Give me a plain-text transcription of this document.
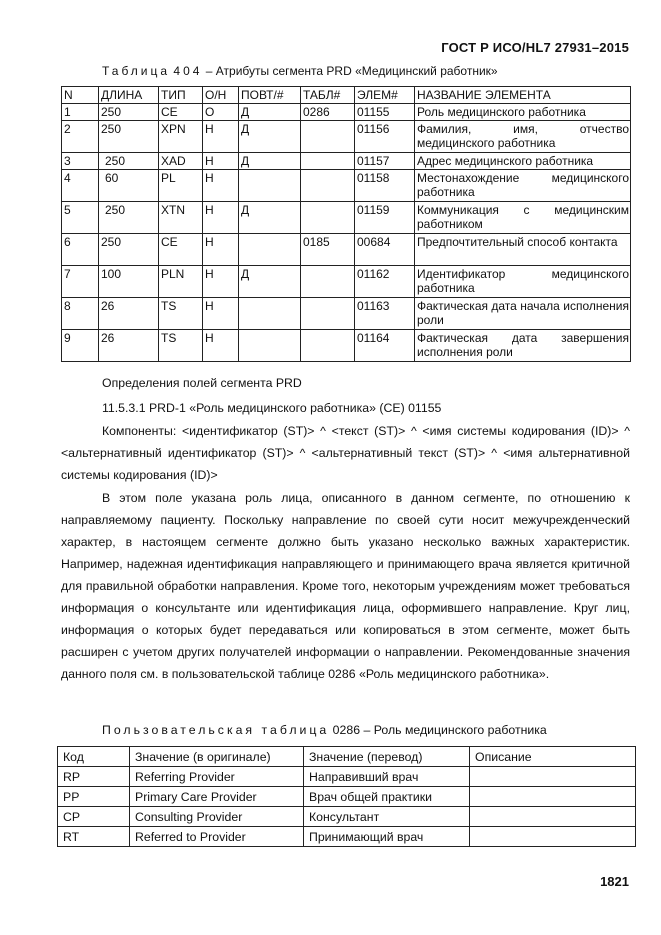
ГОСТ Р ИСО/HL7 27931–2015
Таблица 404 – Атрибуты сегмента PRD «Медицинский работник»
N	ДЛИНА	ТИП	О/Н	ПОВТ/#	ТАБЛ#	ЭЛЕМ#	НАЗВАНИЕ ЭЛЕМЕНТА
1	250	CE	О	Д	0286	01155	Роль медицинского работника
2	250	XPN	Н	Д		01156	Фамилия, имя, отчество медицинского работника
3	250	XAD	Н	Д		01157	Адрес медицинского работника
4	60	PL	Н			01158	Местонахождение медицинского работника
5	250	XTN	Н	Д		01159	Коммуникация с медицинским работником
6	250	CE	Н		0185	00684	Предпочтительный способ контакта
7	100	PLN	Н	Д		01162	Идентификатор медицинского работника
8	26	TS	Н			01163	Фактическая дата начала исполнения роли
9	26	TS	Н			01164	Фактическая дата завершения исполнения роли
Определения полей сегмента PRD
11.5.3.1 PRD-1 «Роль медицинского работника» (CE) 01155
Компоненты: <идентификатор (ST)> ^ <текст (ST)> ^ <имя системы кодирования (ID)> ^ <альтернативный идентификатор (ST)> ^ <альтернативный текст (ST)> ^ <имя альтернативной системы кодирования (ID)>
В этом поле указана роль лица, описанного в данном сегменте, по отношению к направляемому пациенту. Поскольку направление по своей сути носит межучрежденческий характер, в настоящем сегменте должно быть указано несколько важных характеристик. Например, надежная идентификация направляющего и принимающего врача является критичной для правильной обработки направления. Кроме того, некоторым учреждениям может требоваться информация о консультанте или идентификация лица, оформившего направление. Круг лиц, информация о которых будет передаваться или копироваться в этом сегменте, может быть расширен с учетом других получателей информации о направлении. Рекомендованные значения данного поля см. в пользовательской таблице 0286 «Роль медицинского работника».
Пользовательская таблица 0286 – Роль медицинского работника
Код	Значение (в оригинале)	Значение (перевод)	Описание
RP	Referring Provider	Направивший врач	
PP	Primary Care Provider	Врач общей практики	
CP	Consulting Provider	Консультант	
RT	Referred to Provider	Принимающий врач	
1821
